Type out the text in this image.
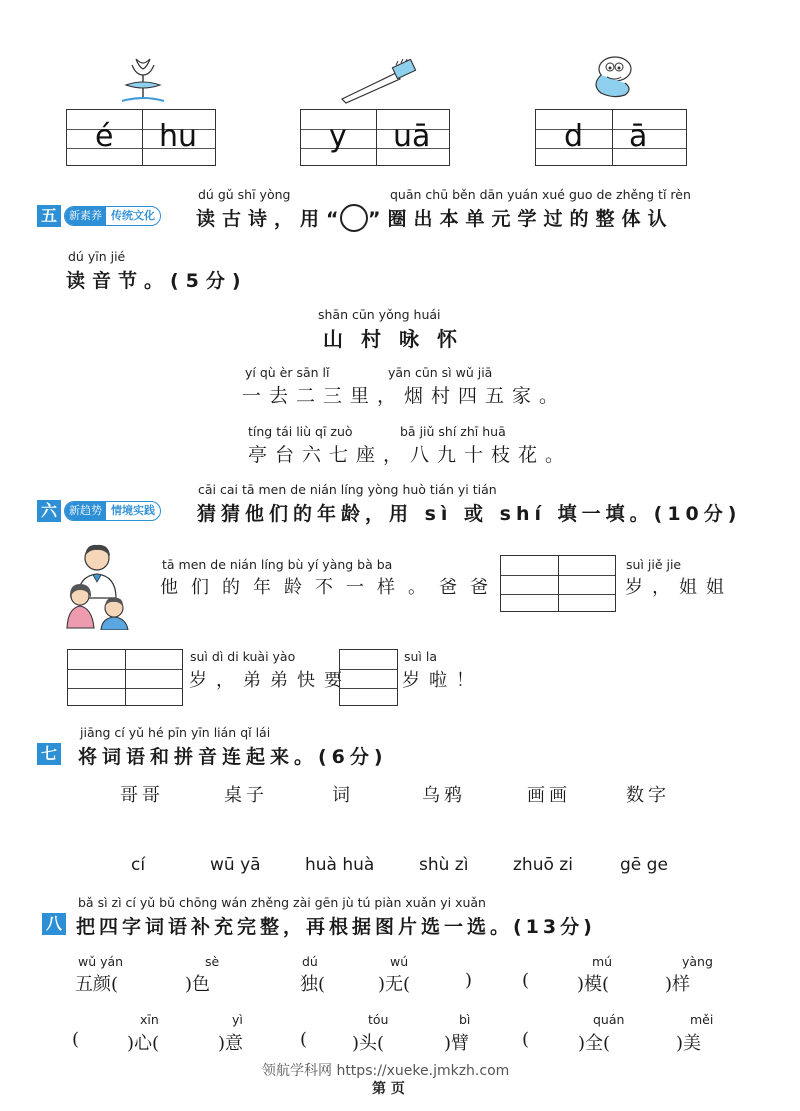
é hu	y uā	d ā
五	新素养 传统文化
dú gǔ shī yòng	quān chū běn dān yuán xué guo de zhěng tǐ rèn
读古诗，用“ ”圈出本单元学过的整体认
dú yīn jié
读音节。(5分)
shān cūn yǒng huái
山村咏怀
yí qù èr sān lǐ	yān cūn sì wǔ jiā
一去二三里，烟村四五家。
tíng tái liù qī zuò	bā jiǔ shí zhī huā
亭台六七座，八九十枝花。
六	新趋势 情境实践
cāi cai tā men de nián líng yòng huò tián yi tián
猜猜他们的年龄，用 sì 或 shí 填一填。(10分)
tā men de nián líng bù yí yàng bà ba
他们的年龄不一样。爸爸
suì jiě jie
岁，姐姐
suì dì di kuài yào
岁，弟弟快要
suì la
岁啦！
七
jiāng cí yǔ hé pīn yīn lián qǐ lái
将词语和拼音连起来。(6分)
哥哥	桌子	词	乌鸦	画画	数字
cí	wū yā	huà huà	shù zì	zhuō zi	gē ge
八
bǎ sì zì cí yǔ bǔ chōng wán zhěng zài gēn jù tú piàn xuǎn yi xuǎn
把四字词语补充完整，再根据图片选一选。(13分)
wǔ yán	sè	dú	wú	mú	yàng
五颜(	)色	独(	)无(	)	(	)模(	)样
xīn	yì	tóu	bì	quán	měi
(	)心(	)意	( )头(	)臂	(	)全(	)美
领航学科网 https://xueke.jmkzh.com
第 页
